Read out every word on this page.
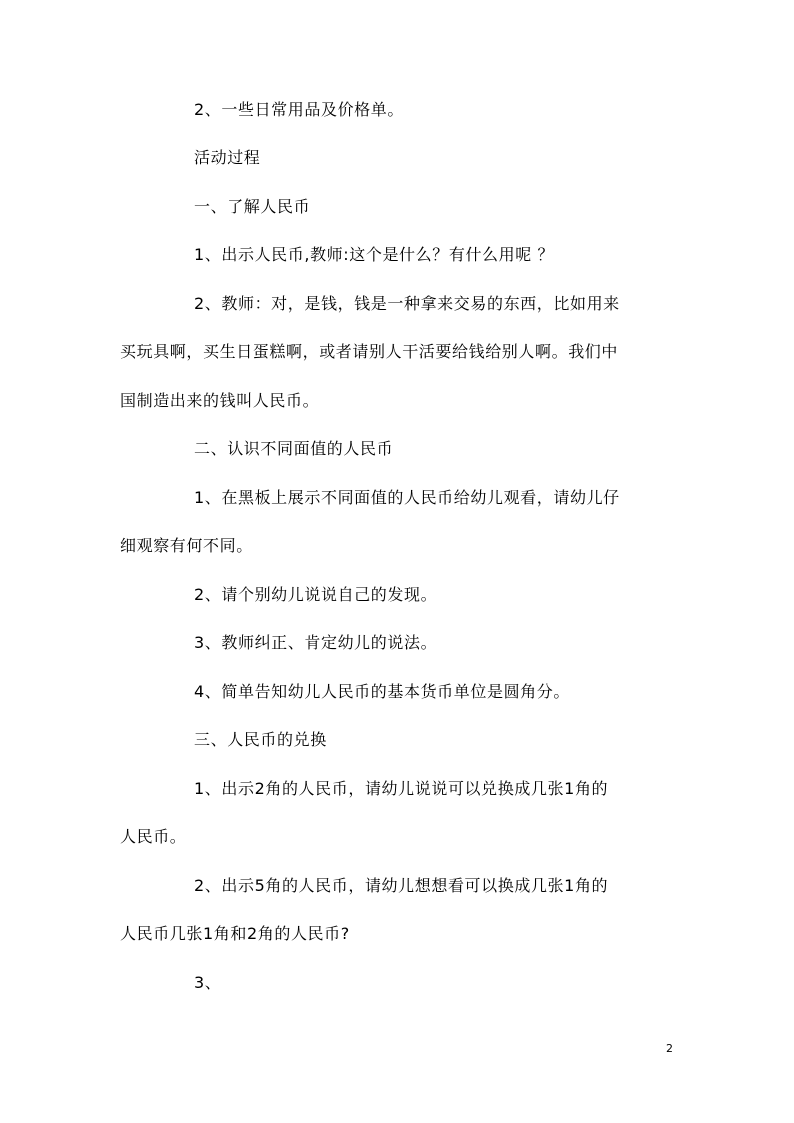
2、一些日常用品及价格单。
活动过程
一、了解人民币
1、出示人民币,教师:这个是什么？有什么用呢 ？
2、教师：对，是钱，钱是一种拿来交易的东西，比如用来
买玩具啊，买生日蛋糕啊，或者请别人干活要给钱给别人啊。我们中
国制造出来的钱叫人民币。
二、认识不同面值的人民币
1、在黑板上展示不同面值的人民币给幼儿观看，请幼儿仔
细观察有何不同。
2、请个别幼儿说说自己的发现。
3、教师纠正、肯定幼儿的说法。
4、简单告知幼儿人民币的基本货币单位是圆角分。
三、人民币的兑换
1、出示2角的人民币，请幼儿说说可以兑换成几张1角的
人民币。
2、出示5角的人民币，请幼儿想想看可以换成几张1角的
人民币几张1角和2角的人民币?
3、
2
